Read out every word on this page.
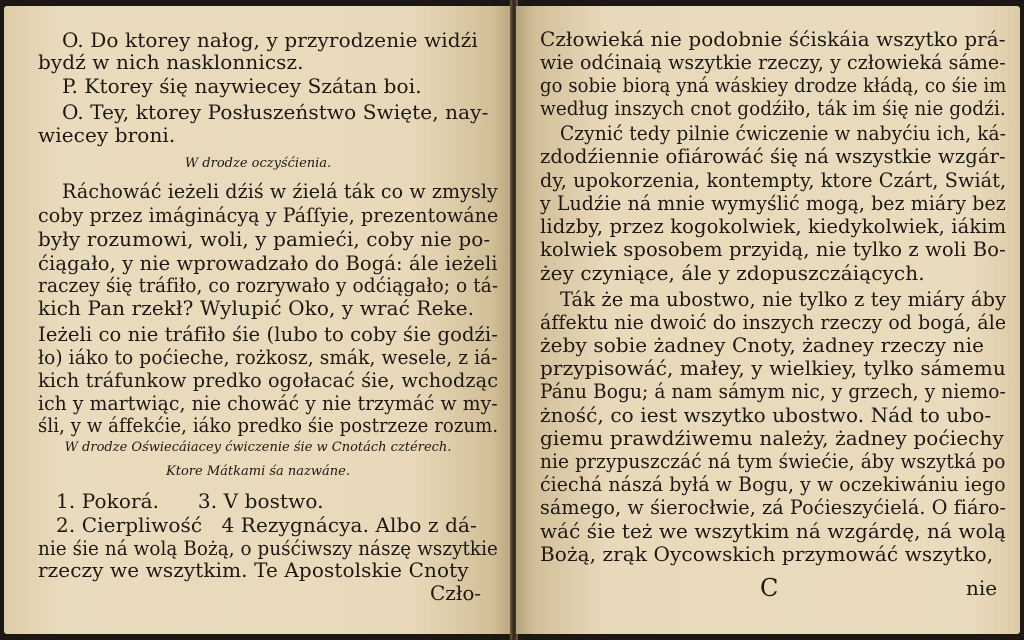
O. Do ktorey nałog, y przyrodzenie widźi
bydź w nich nasklonnicsz.
P. Ktorey śię naywiecey Szátan boi.
O. Tey, ktorey Posłuszeństwo Swięte, nay-
wiecey broni.
W drodze oczyśćienia.
Ráchowáć ieżeli dźiś w źielá ták co w zmysly
coby przez imáginácyą y Páſſyie, prezentowáne
były rozumowi, woli, y pamieći, coby nie po-
ćiągało, y nie wprowadzało do Bogá: ále ieżeli
raczey śię tráfiło, co rozrywało y odćiągało; o tá-
kich Pan rzekł? Wylupić Oko, y wrać Reke.
Ieżeli co nie tráfiło śie (lubo to coby śie godźi-
ło) iáko to poćieche, rożkosz, smák, wesele, z iá-
kich tráfunkow predko ogołacać śie, wchodząc
ich y martwiąc, nie chowáć y nie trzymáć w my-
śli, y w áffekćie, iáko predko śie postrzeze rozum.
W drodze Oświecáiacey ćwiczenie śie w Cnotách cztérech.
Ktore Mátkami śa nazwáne.
1. Pokorá.      3. V bostwo.
2. Cierpliwość   4 Rezygnácya. Albo z dá-
nie śie ná wolą Bożą, o puśćiwszy nászę wszytkie
rzeczy we wszytkim. Te Apostolskie Cnoty
Czło-
Człowieká nie podobnie śćiskáia wszytko prá-
wie odćinaią wszytkie rzeczy, y człowieká sáme-
go sobie biorą yná wáskiey drodze kłádą, co śie im
według inszych cnot godźiło, ták im śię nie godźi.
Czynić tedy pilnie ćwiczenie w nabyćiu ich, ká-
zdodźiennie ofiárowáć śię ná wszystkie wzgár-
dy, upokorzenia, kontempty, ktore Czárt, Swiát,
y Ludźie ná mnie wymyślić mogą, bez miáry bez
lidzby, przez kogokolwiek, kiedykolwiek, iákim
kolwiek sposobem przyidą, nie tylko z woli Bo-
żey czyniące, ále y zdopuszczáiących.
Ták że ma ubostwo, nie tylko z tey miáry áby
áffektu nie dwoić do inszych rzeczy od bogá, ále
żeby sobie żadney Cnoty, żadney rzeczy nie
przypisowáć, małey, y wielkiey, tylko sámemu
Pánu Bogu; á nam sámym nic, y grzech, y niemo-
żność, co iest wszytko ubostwo. Nád to ubo-
giemu prawdźiwemu należy, żadney poćiechy
nie przypuszczáć ná tym świećie, áby wszytká po
ćiechá nászá byłá w Bogu, y w oczekiwániu iego
sámego, w śierocłwie, zá Poćieszyćielá. O fiáro-
wáć śie też we wszytkim ná wzgárdę, ná wolą
Bożą, zrąk Oycowskich przymowáć wszytko,
C	nie
